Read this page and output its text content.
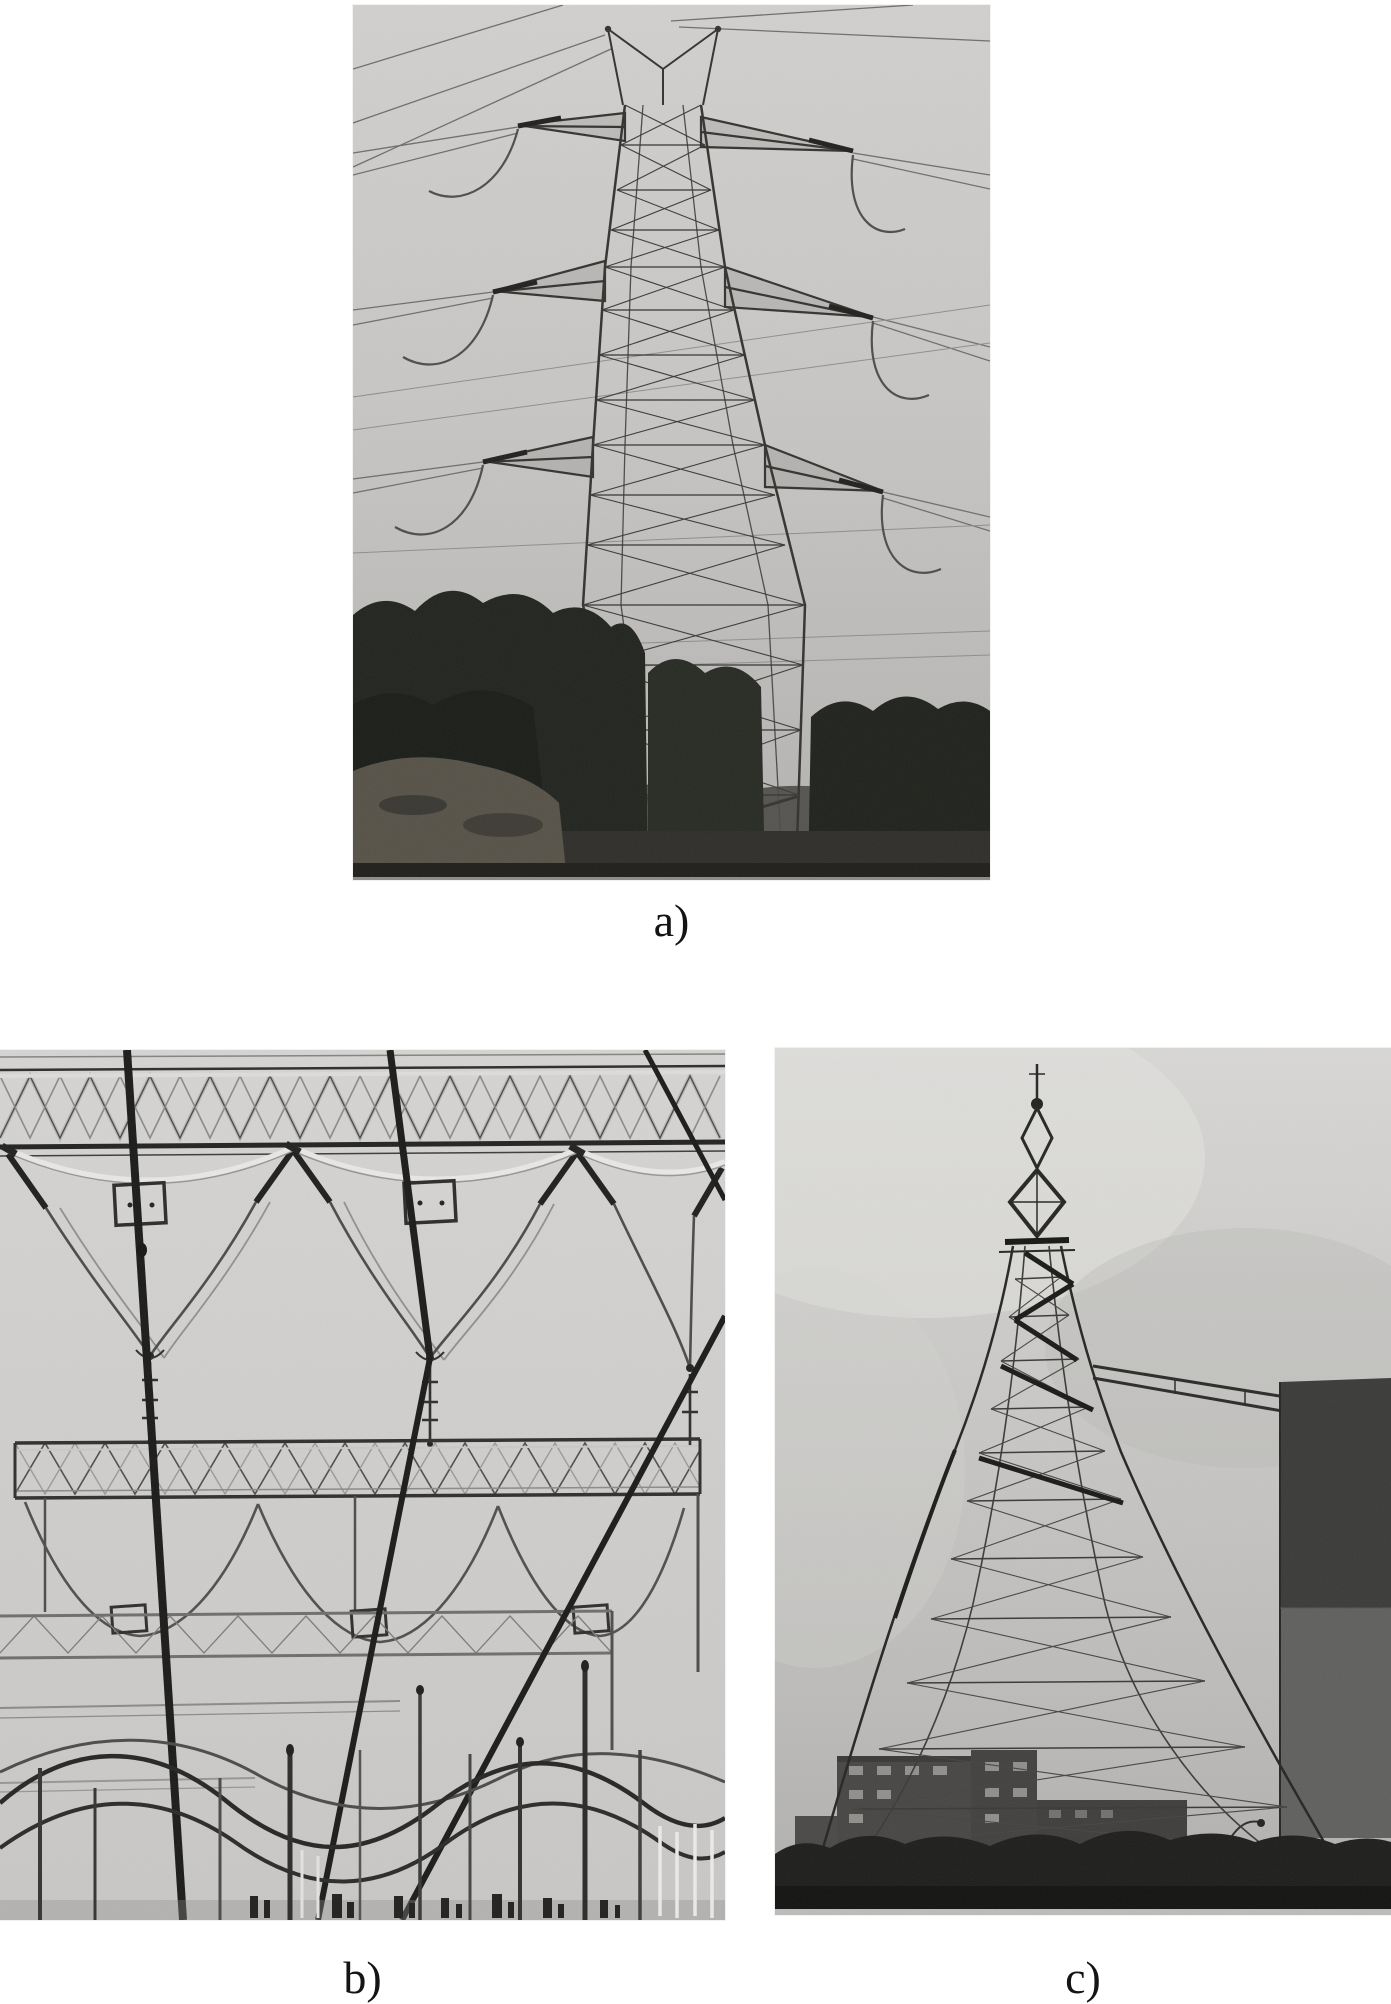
a)
b)	c)
